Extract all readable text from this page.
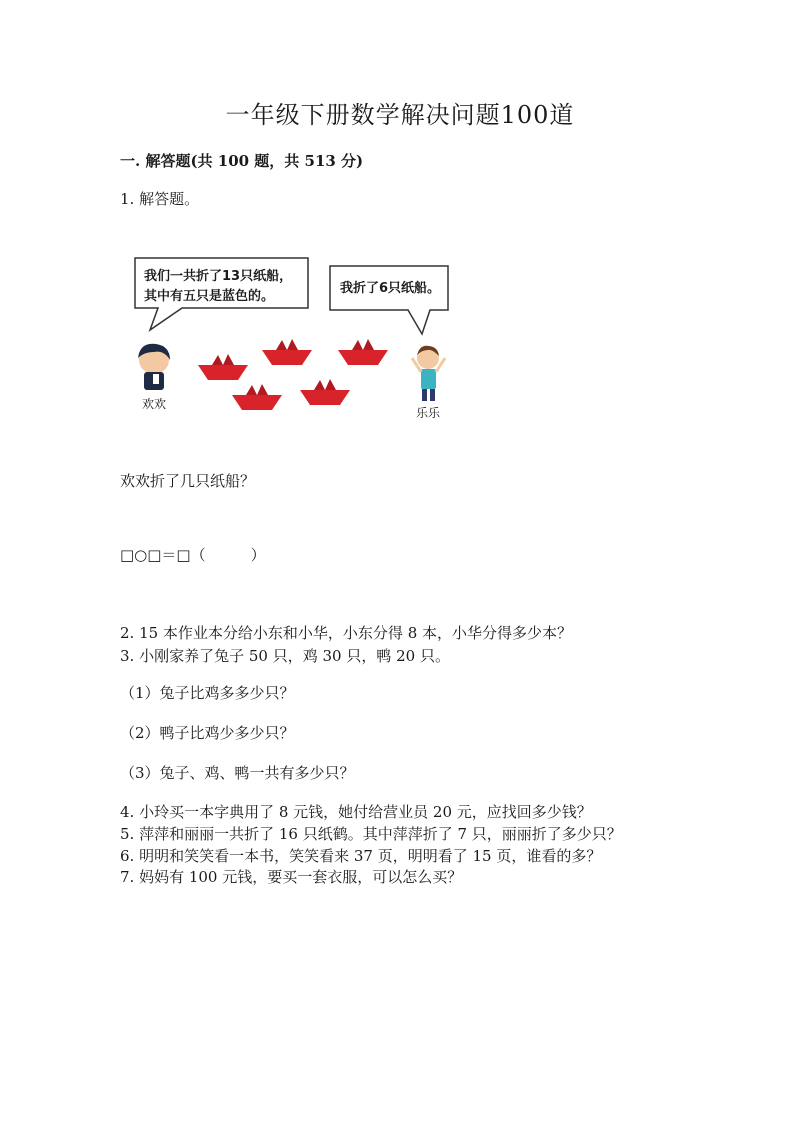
一年级下册数学解决问题100道
一. 解答题(共 100 题，共 513 分)
1. 解答题。
我们一共折了13只纸船，
其中有五只是蓝色的。
我折了6只纸船。
欢欢
乐乐
欢欢折了几只纸船？
□○□＝□（　　　）
2. 15 本作业本分给小东和小华，小东分得 8 本，小华分得多少本？
3. 小刚家养了兔子 50 只，鸡 30 只，鸭 20 只。
（1）兔子比鸡多多少只？
（2）鸭子比鸡少多少只？
（3）兔子、鸡、鸭一共有多少只？
4. 小玲买一本字典用了 8 元钱，她付给营业员 20 元，应找回多少钱？
5. 萍萍和丽丽一共折了 16 只纸鹤。其中萍萍折了 7 只，丽丽折了多少只？
6. 明明和笑笑看一本书，笑笑看来 37 页，明明看了 15 页，谁看的多？
7. 妈妈有 100 元钱，要买一套衣服，可以怎么买？
